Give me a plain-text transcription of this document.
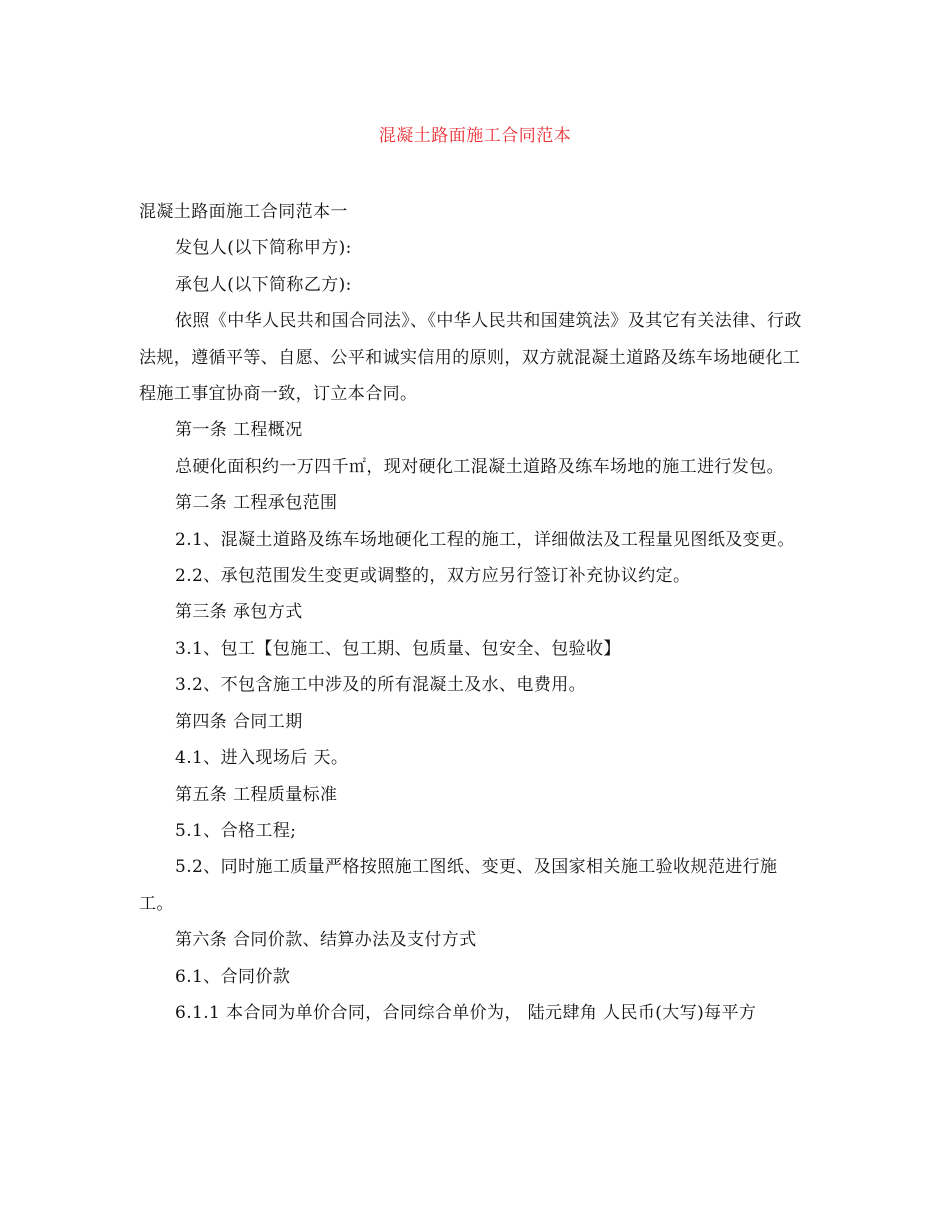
混凝土路面施工合同范本

混凝土路面施工合同范本一

发包人(以下简称甲方):

承包人(以下简称乙方):

依照《中华人民共和国合同法》、《中华人民共和国建筑法》及其它有关法律、行政法规，遵循平等、自愿、公平和诚实信用的原则，双方就混凝土道路及练车场地硬化工程施工事宜协商一致，订立本合同。

第一条 工程概况

总硬化面积约一万四千㎡，现对硬化工混凝土道路及练车场地的施工进行发包。

第二条 工程承包范围

2.1、混凝土道路及练车场地硬化工程的施工，详细做法及工程量见图纸及变更。

2.2、承包范围发生变更或调整的，双方应另行签订补充协议约定。

第三条 承包方式

3.1、包工【包施工、包工期、包质量、包安全、包验收】

3.2、不包含施工中涉及的所有混凝土及水、电费用。

第四条 合同工期

4.1、进入现场后 天。

第五条 工程质量标准

5.1、合格工程;

5.2、同时施工质量严格按照施工图纸、变更、及国家相关施工验收规范进行施工。

第六条 合同价款、结算办法及支付方式

6.1、合同价款

6.1.1 本合同为单价合同，合同综合单价为， 陆元肆角 人民币(大写)每平方
